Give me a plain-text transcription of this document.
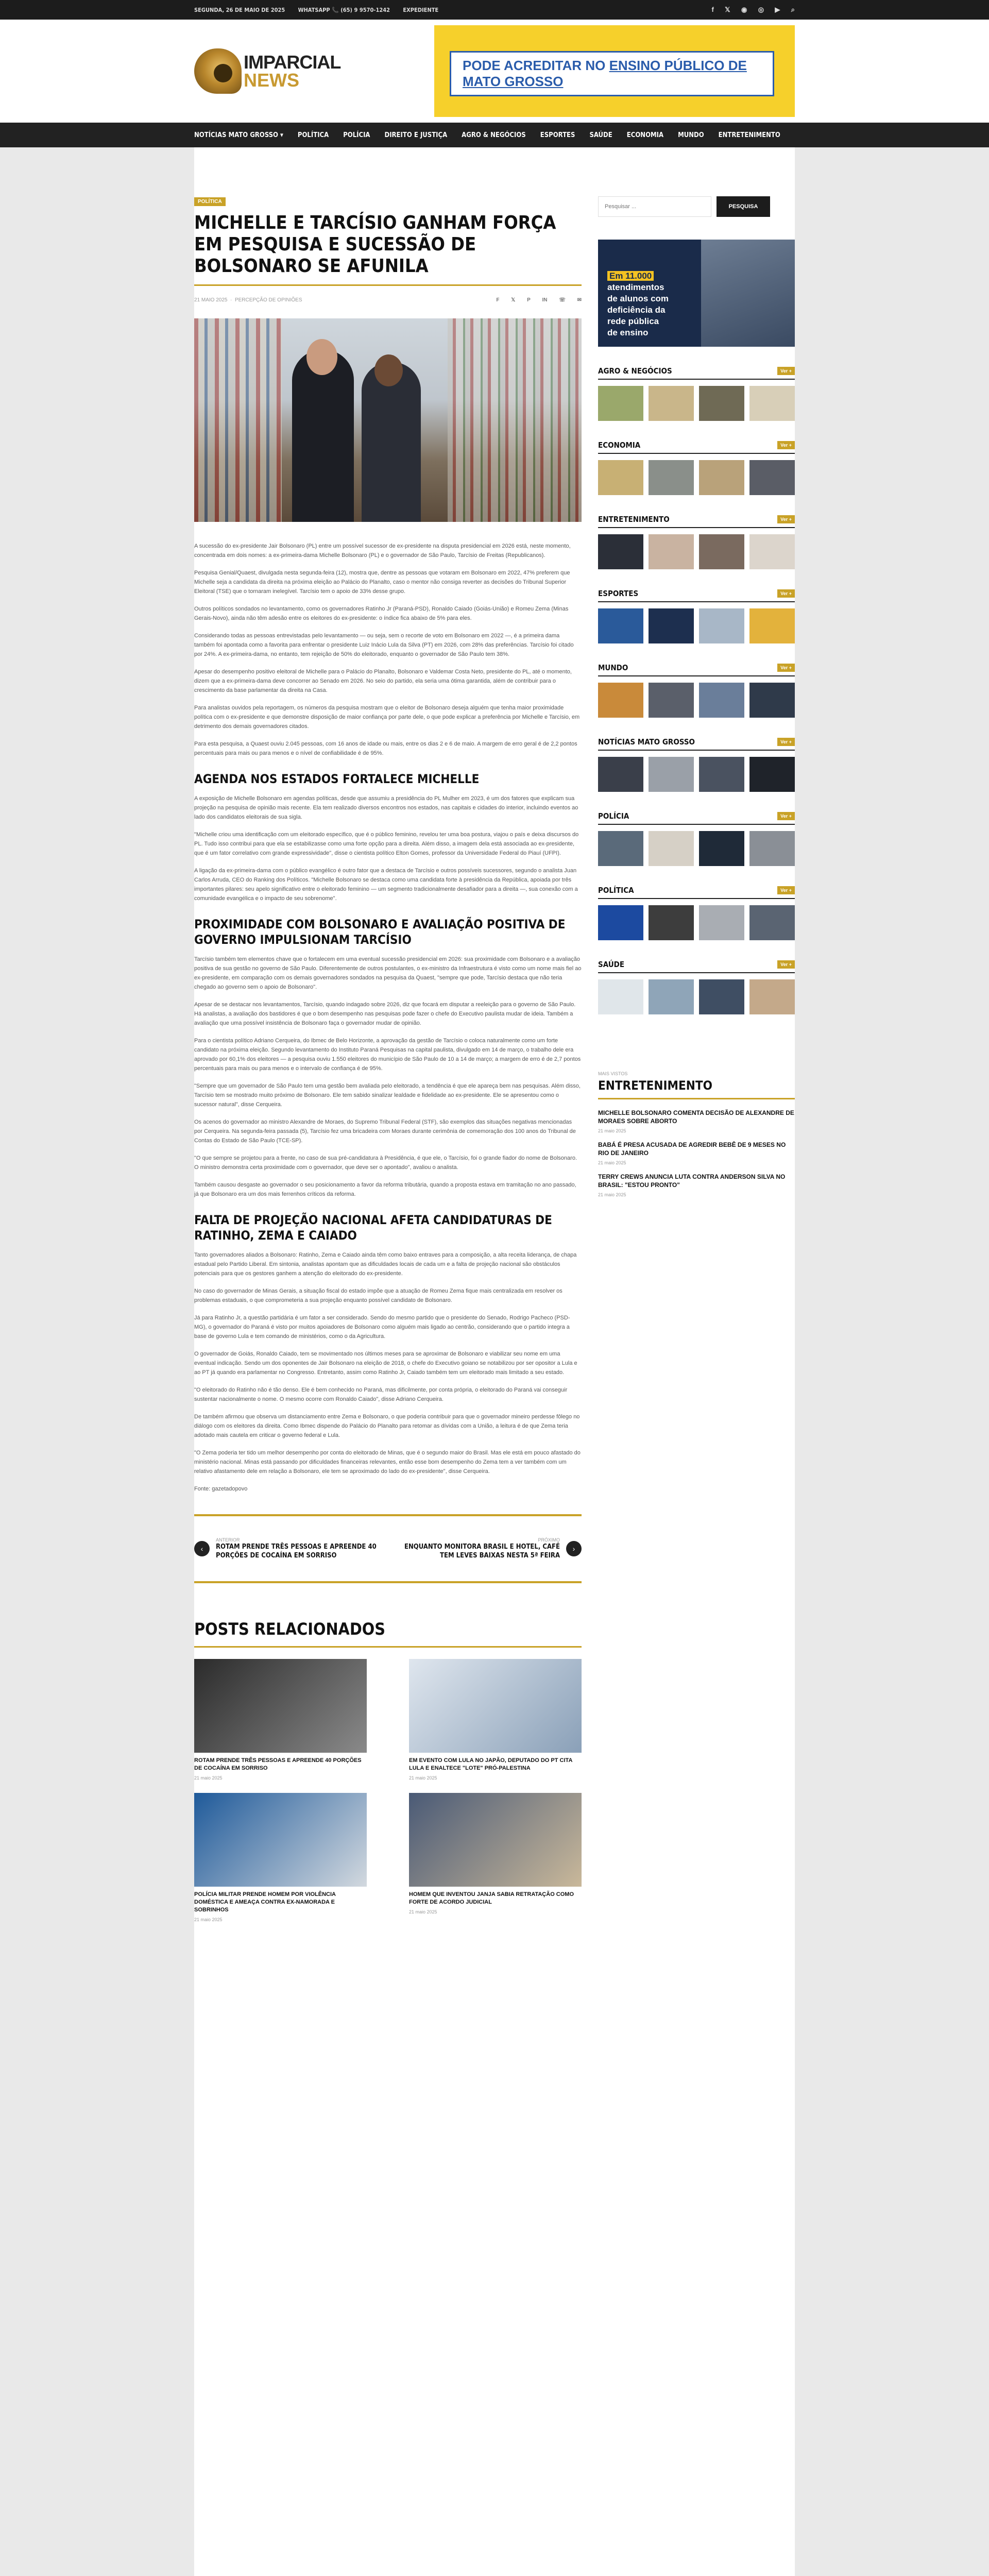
SEGUNDA, 26 DE MAIO DE 2025 WHATSAPP 📞 (65) 9 9570-1242 EXPEDIENTE	f 𝕏 ◉ ◎ ▶ ⌕
IMPARCIAL
NEWS
PODE ACREDITAR NO ENSINO PÚBLICO DE MATO GROSSO
NOTÍCIAS MATO GROSSO ▾	POLÍTICA	POLÍCIA	DIREITO E JUSTIÇA	AGRO & NEGÓCIOS	ESPORTES	SAÚDE	ECONOMIA	MUNDO	ENTRETENIMENTO
POLÍTICA
MICHELLE E TARCÍSIO GANHAM FORÇA EM PESQUISA E SUCESSÃO DE BOLSONARO SE AFUNILA
21 MAIO 2025  ·  PERCEPÇÃO DE OPINIÕES	F 𝕏 P IN ☏ ✉

A sucessão do ex-presidente Jair Bolsonaro (PL) entre um possível sucessor de ex-presidente na disputa presidencial em 2026 está, neste momento, concentrada em dois nomes: a ex-primeira-dama Michelle Bolsonaro (PL) e o governador de São Paulo, Tarcísio de Freitas (Republicanos).

Pesquisa Genial/Quaest, divulgada nesta segunda-feira (12), mostra que, dentre as pessoas que votaram em Bolsonaro em 2022, 47% preferem que Michelle seja a candidata da direita na próxima eleição ao Palácio do Planalto, caso o mentor não consiga reverter as decisões do Tribunal Superior Eleitoral (TSE) que o tornaram inelegível. Tarcísio tem o apoio de 33% desse grupo.

Outros políticos sondados no levantamento, como os governadores Ratinho Jr (Paraná-PSD), Ronaldo Caiado (Goiás-União) e Romeu Zema (Minas Gerais-Novo), ainda não têm adesão entre os eleitores do ex-presidente: o índice fica abaixo de 5% para eles.

Considerando todas as pessoas entrevistadas pelo levantamento — ou seja, sem o recorte de voto em Bolsonaro em 2022 —, é a primeira dama também foi apontada como a favorita para enfrentar o presidente Luiz Inácio Lula da Silva (PT) em 2026, com 28% das preferências. Tarcísio foi citado por 24%. A ex-primeira-dama, no entanto, tem rejeição de 50% do eleitorado, enquanto o governador de São Paulo tem 38%.

Apesar do desempenho positivo eleitoral de Michelle para o Palácio do Planalto, Bolsonaro e Valdemar Costa Neto, presidente do PL, até o momento, dizem que a ex-primeira-dama deve concorrer ao Senado em 2026. No seio do partido, ela seria uma ótima garantida, além de contribuir para o crescimento da base parlamentar da direita na Casa.

Para analistas ouvidos pela reportagem, os números da pesquisa mostram que o eleitor de Bolsonaro deseja alguém que tenha maior proximidade política com o ex-presidente e que demonstre disposição de maior confiança por parte dele, o que pode explicar a preferência por Michelle e Tarcísio, em detrimento dos demais governadores citados.

Para esta pesquisa, a Quaest ouviu 2.045 pessoas, com 16 anos de idade ou mais, entre os dias 2 e 6 de maio. A margem de erro geral é de 2,2 pontos percentuais para mais ou para menos e o nível de confiabilidade é de 95%.

AGENDA NOS ESTADOS FORTALECE MICHELLE

A exposição de Michelle Bolsonaro em agendas políticas, desde que assumiu a presidência do PL Mulher em 2023, é um dos fatores que explicam sua projeção na pesquisa de opinião mais recente. Ela tem realizado diversos encontros nos estados, nas capitais e cidades do interior, incluindo eventos ao lado dos candidatos eleitorais de sua sigla.

"Michelle criou uma identificação com um eleitorado específico, que é o público feminino, revelou ter uma boa postura, viajou o país e deixa discursos do PL. Tudo isso contribui para que ela se estabilizasse como uma forte opção para a direita. Além disso, a imagem dela está associada ao ex-presidente, que é um fator correlativo com grande expressividade", disse o cientista político Elton Gomes, professor da Universidade Federal do Piauí (UFPI).

A ligação da ex-primeira-dama com o público evangélico é outro fator que a destaca de Tarcísio e outros possíveis sucessores, segundo o analista Juan Carlos Arruda, CEO do Ranking dos Políticos. "Michelle Bolsonaro se destaca como uma candidata forte à presidência da República, apoiada por três importantes pilares: seu apelo significativo entre o eleitorado feminino — um segmento tradicionalmente desafiador para a direita —, sua conexão com a comunidade evangélica e o impacto de seu sobrenome".

PROXIMIDADE COM BOLSONARO E AVALIAÇÃO POSITIVA DE GOVERNO IMPULSIONAM TARCÍSIO

Tarcísio também tem elementos chave que o fortalecem em uma eventual sucessão presidencial em 2026: sua proximidade com Bolsonaro e a avaliação positiva de sua gestão no governo de São Paulo. Diferentemente de outros postulantes, o ex-ministro da Infraestrutura é visto como um nome mais fiel ao ex-presidente, em comparação com os demais governadores sondados na pesquisa da Quaest, "sempre que pode, Tarcísio destaca que não teria chegado ao governo sem o apoio de Bolsonaro".

Apesar de se destacar nos levantamentos, Tarcísio, quando indagado sobre 2026, diz que focará em disputar a reeleição para o governo de São Paulo. Há analistas, a avaliação dos bastidores é que o bom desempenho nas pesquisas pode fazer o chefe do Executivo paulista mudar de ideia. Também a avaliação que uma possível insistência de Bolsonaro faça o governador mudar de opinião.

Para o cientista político Adriano Cerqueira, do Ibmec de Belo Horizonte, a aprovação da gestão de Tarcísio o coloca naturalmente como um forte candidato na próxima eleição. Segundo levantamento do Instituto Paraná Pesquisas na capital paulista, divulgado em 14 de março, o trabalho dele era aprovado por 60,1% dos eleitores — a pesquisa ouviu 1.550 eleitores do município de São Paulo de 10 a 14 de março; a margem de erro é de 2,7 pontos percentuais para mais ou para menos e o intervalo de confiança é de 95%.

"Sempre que um governador de São Paulo tem uma gestão bem avaliada pelo eleitorado, a tendência é que ele apareça bem nas pesquisas. Além disso, Tarcísio tem se mostrado muito próximo de Bolsonaro. Ele tem sabido sinalizar lealdade e fidelidade ao ex-presidente. Ele se apresentou como o sucessor natural", disse Cerqueira.

Os acenos do governador ao ministro Alexandre de Moraes, do Supremo Tribunal Federal (STF), são exemplos das situações negativas mencionadas por Cerqueira. Na segunda-feira passada (5), Tarcísio fez uma bricadeira com Moraes durante cerimônia de comemoração dos 100 anos do Tribunal de Contas do Estado de São Paulo (TCE-SP).

"O que sempre se projetou para a frente, no caso de sua pré-candidatura à Presidência, é que ele, o Tarcísio, foi o grande fiador do nome de Bolsonaro. O ministro demonstra certa proximidade com o governador, que deve ser o apontado", avaliou o analista.

Também causou desgaste ao governador o seu posicionamento a favor da reforma tributária, quando a proposta estava em tramitação no ano passado, já que Bolsonaro era um dos mais ferrenhos críticos da reforma.

FALTA DE PROJEÇÃO NACIONAL AFETA CANDIDATURAS DE RATINHO, ZEMA E CAIADO

Tanto governadores aliados a Bolsonaro: Ratinho, Zema e Caiado ainda têm como baixo entraves para a composição, a alta receita liderança, de chapa estadual pelo Partido Liberal. Em sintonia, analistas apontam que as dificuldades locais de cada um e a falta de projeção nacional são obstáculos potenciais para que os gestores ganhem a atenção do eleitorado do ex-presidente.

No caso do governador de Minas Gerais, a situação fiscal do estado impõe que a atuação de Romeu Zema fique mais centralizada em resolver os problemas estaduais, o que comprometeria a sua projeção enquanto possível candidato de Bolsonaro.

Já para Ratinho Jr, a questão partidária é um fator a ser considerado. Sendo do mesmo partido que o presidente do Senado, Rodrigo Pacheco (PSD-MG), o governador do Paraná é visto por muitos apoiadores de Bolsonaro como alguém mais ligado ao centrão, considerando que o partido integra a base de governo Lula e tem comando de ministérios, como o da Agricultura.

O governador de Goiás, Ronaldo Caiado, tem se movimentado nos últimos meses para se aproximar de Bolsonaro e viabilizar seu nome em uma eventual indicação. Sendo um dos oponentes de Jair Bolsonaro na eleição de 2018, o chefe do Executivo goiano se notabilizou por ser opositor a Lula e ao PT já quando era parlamentar no Congresso. Entretanto, assim como Ratinho Jr, Caiado também tem um eleitorado mais limitado a seu estado.

"O eleitorado do Ratinho não é tão denso. Ele é bem conhecido no Paraná, mas dificilmente, por conta própria, o eleitorado do Paraná vai conseguir sustentar nacionalmente o nome. O mesmo ocorre com Ronaldo Caiado", disse Adriano Cerqueira.

De também afirmou que observa um distanciamento entre Zema e Bolsonaro, o que poderia contribuir para que o governador mineiro perdesse fôlego no diálogo com os eleitores da direita. Como Ibmec dispende do Palácio do Planalto para retomar as dívidas com a União, a leitura é de que Zema teria adotado mais cautela em criticar o governo federal e Lula.

"O Zema poderia ter tido um melhor desempenho por conta do eleitorado de Minas, que é o segundo maior do Brasil. Mas ele está em pouco afastado do ministério nacional. Minas está passando por dificuldades financeiras relevantes, então esse bom desempenho do Zema tem a ver também com um relativo afastamento dele em relação a Bolsonaro, ele tem se aproximado do lado do ex-presidente", disse Cerqueira.

Fonte: gazetadopovo

‹
ANTERIOR
ROTAM PRENDE TRÊS PESSOAS E APREENDE 40 PORÇÕES DE COCAÍNA EM SORRISO
PRÓXIMO
ENQUANTO MONITORA BRASIL E HOTEL, CAFÉ TEM LEVES BAIXAS NESTA 5ª FEIRA
›
POSTS RELACIONADOS
ROTAM PRENDE TRÊS PESSOAS E APREENDE 40 PORÇÕES DE COCAÍNA EM SORRISO
21 maio 2025
EM EVENTO COM LULA NO JAPÃO, DEPUTADO DO PT CITA LULA E ENALTECE "LOTE" PRÓ-PALESTINA
21 maio 2025
POLÍCIA MILITAR PRENDE HOMEM POR VIOLÊNCIA DOMÉSTICA E AMEAÇA CONTRA EX-NAMORADA E SOBRINHOS
21 maio 2025
HOMEM QUE INVENTOU JANJA SABIA RETRATAÇÃO COMO FORTE DE ACORDO JUDICIAL
21 maio 2025
Pesquisar ...
PESQUISA
Em 11.000 atendimentos
de alunos com
deficiência da
rede pública
de ensino
AGRO & NEGÓCIOS	Ver +
ECONOMIA	Ver +
ENTRETENIMENTO	Ver +
ESPORTES	Ver +
MUNDO	Ver +
NOTÍCIAS MATO GROSSO	Ver +
POLÍCIA	Ver +
POLÍTICA	Ver +
SAÚDE	Ver +
MAIS VISTOS
ENTRETENIMENTO
MICHELLE BOLSONARO COMENTA DECISÃO DE ALEXANDRE DE MORAES SOBRE ABORTO
21 maio 2025
BABÁ É PRESA ACUSADA DE AGREDIR BEBÊ DE 9 MESES NO RIO DE JANEIRO
21 maio 2025
TERRY CREWS ANUNCIA LUTA CONTRA ANDERSON SILVA NO BRASIL: "ESTOU PRONTO"
21 maio 2025
